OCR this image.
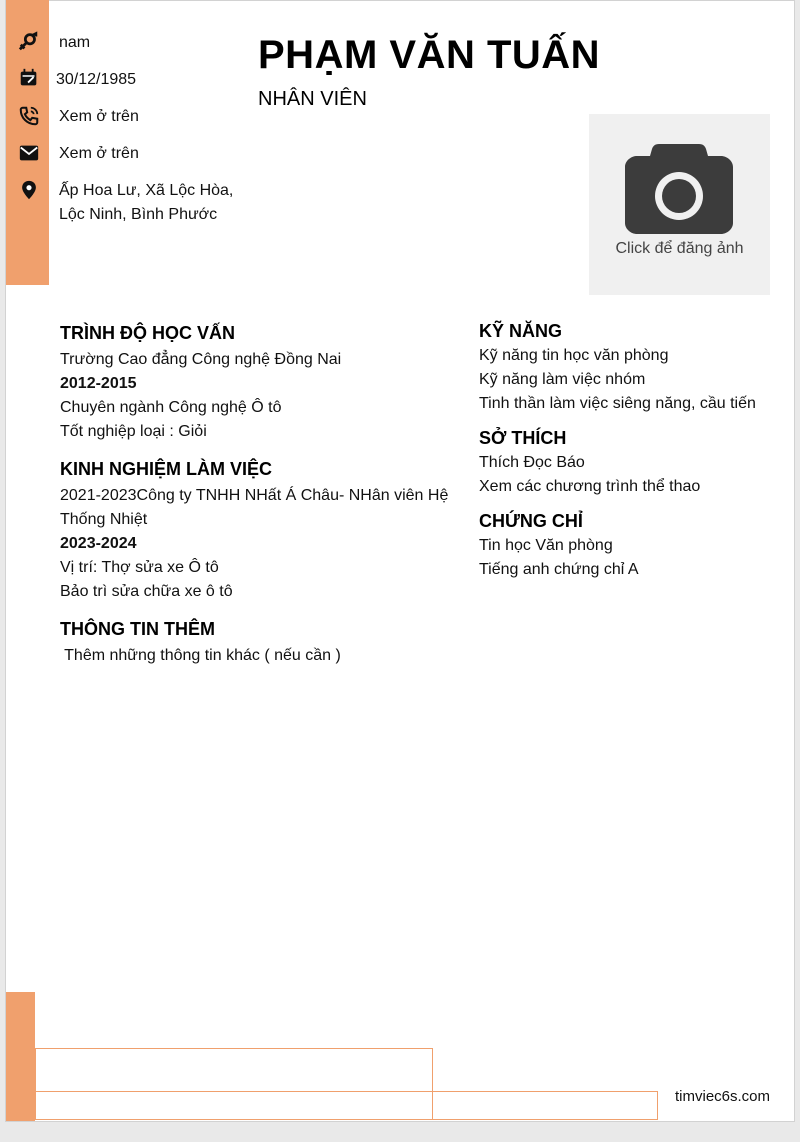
nam
30/12/1985
Xem ở trên
Xem ở trên
Ấp Hoa Lư, Xã Lộc Hòa,
Lộc Ninh, Bình Phước
PHẠM VĂN TUẤN
NHÂN VIÊN
Click để đăng ảnh
TRÌNH ĐỘ HỌC VẤN
Trường Cao đẳng Công nghệ Đồng Nai
2012-2015
Chuyên ngành Công nghệ Ô tô
Tốt nghiệp loại : Giỏi
KINH NGHIỆM LÀM VIỆC
2021-2023Công ty TNHH NHất Á Châu- NHân viên Hệ
Thống Nhiệt
2023-2024
Vị trí: Thợ sửa xe Ô tô
Bảo trì sửa chữa xe ô tô
THÔNG TIN THÊM
Thêm những thông tin khác ( nếu cần )
KỸ NĂNG
Kỹ năng tin học văn phòng
Kỹ năng làm việc nhóm
Tinh thần làm việc siêng năng, cầu tiến
SỞ THÍCH
Thích Đọc Báo
Xem các chương trình thể thao
CHỨNG CHỈ
Tin học Văn phòng
Tiếng anh chứng chỉ A
timviec6s.com
